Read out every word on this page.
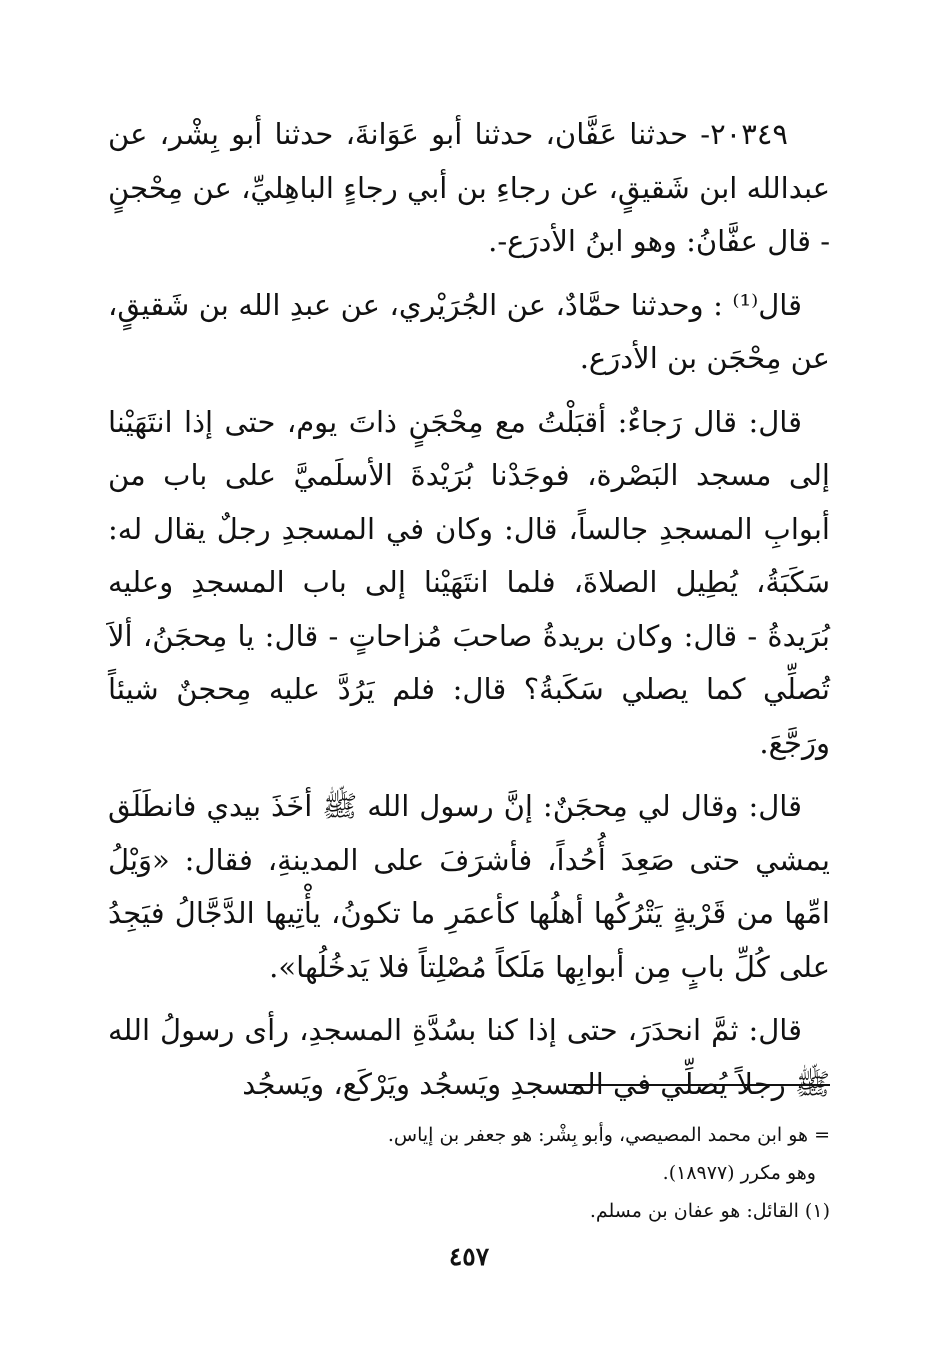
٢٠٣٤٩- حدثنا عَفَّان، حدثنا أبو عَوَانةَ، حدثنا أبو بِشْر، عن عبدالله ابن شَقيقٍ، عن رجاءِ بن أبي رجاءٍ الباهِليِّ، عن مِحْجنٍ - قال عفَّانُ: وهو ابنُ الأدرَع-.

قال⁽¹⁾ : وحدثنا حمَّادٌ، عن الجُرَيْري، عن عبدِ الله بن شَقيقٍ، عن مِحْجَن بن الأدرَع.

قال: قال رَجاءٌ: أقبَلْتُ مع مِحْجَنٍ ذاتَ يوم، حتى إذا انتَهَيْنا إلى مسجد البَصْرة، فوجَدْنا بُرَيْدةَ الأسلَميَّ على باب من أبوابِ المسجدِ جالساً، قال: وكان في المسجدِ رجلٌ يقال له: سَكَبَةُ، يُطِيل الصلاةَ، فلما انتَهَيْنا إلى باب المسجدِ وعليه بُرَيدةُ - قال: وكان بريدةُ صاحبَ مُزاحاتٍ - قال: يا مِحجَنُ، ألاَ تُصلِّي كما يصلي سَكَبةُ؟ قال: فلم يَرُدَّ عليه مِحجنٌ شيئاً ورَجَّعَ.

قال: وقال لي مِحجَنٌ: إنَّ رسول الله ﷺ أخَذَ بيدي فانطَلَق يمشي حتى صَعِدَ أُحُداً، فأشرَفَ على المدينةِ، فقال: «وَيْلُ امِّها من قَرْيةٍ يَتْرُكُها أهلُها كأعمَرِ ما تكونُ، يأْتِيها الدَّجَّالُ فيَجِدُ على كُلِّ بابٍ مِن أبوابِها مَلَكاً مُصْلِتاً فلا يَدخُلُها».

قال: ثمَّ انحدَرَ، حتى إذا كنا بسُدَّةِ المسجدِ، رأى رسولُ الله ﷺ رجلاً يُصلِّي في المسجدِ ويَسجُد ويَرْكَع، ويَسجُد

= هو ابن محمد المصيصي، وأبو بِشْر: هو جعفر بن إياس.

وهو مكرر (١٨٩٧٧).

(١) القائل: هو عفان بن مسلم.

٤٥٧
